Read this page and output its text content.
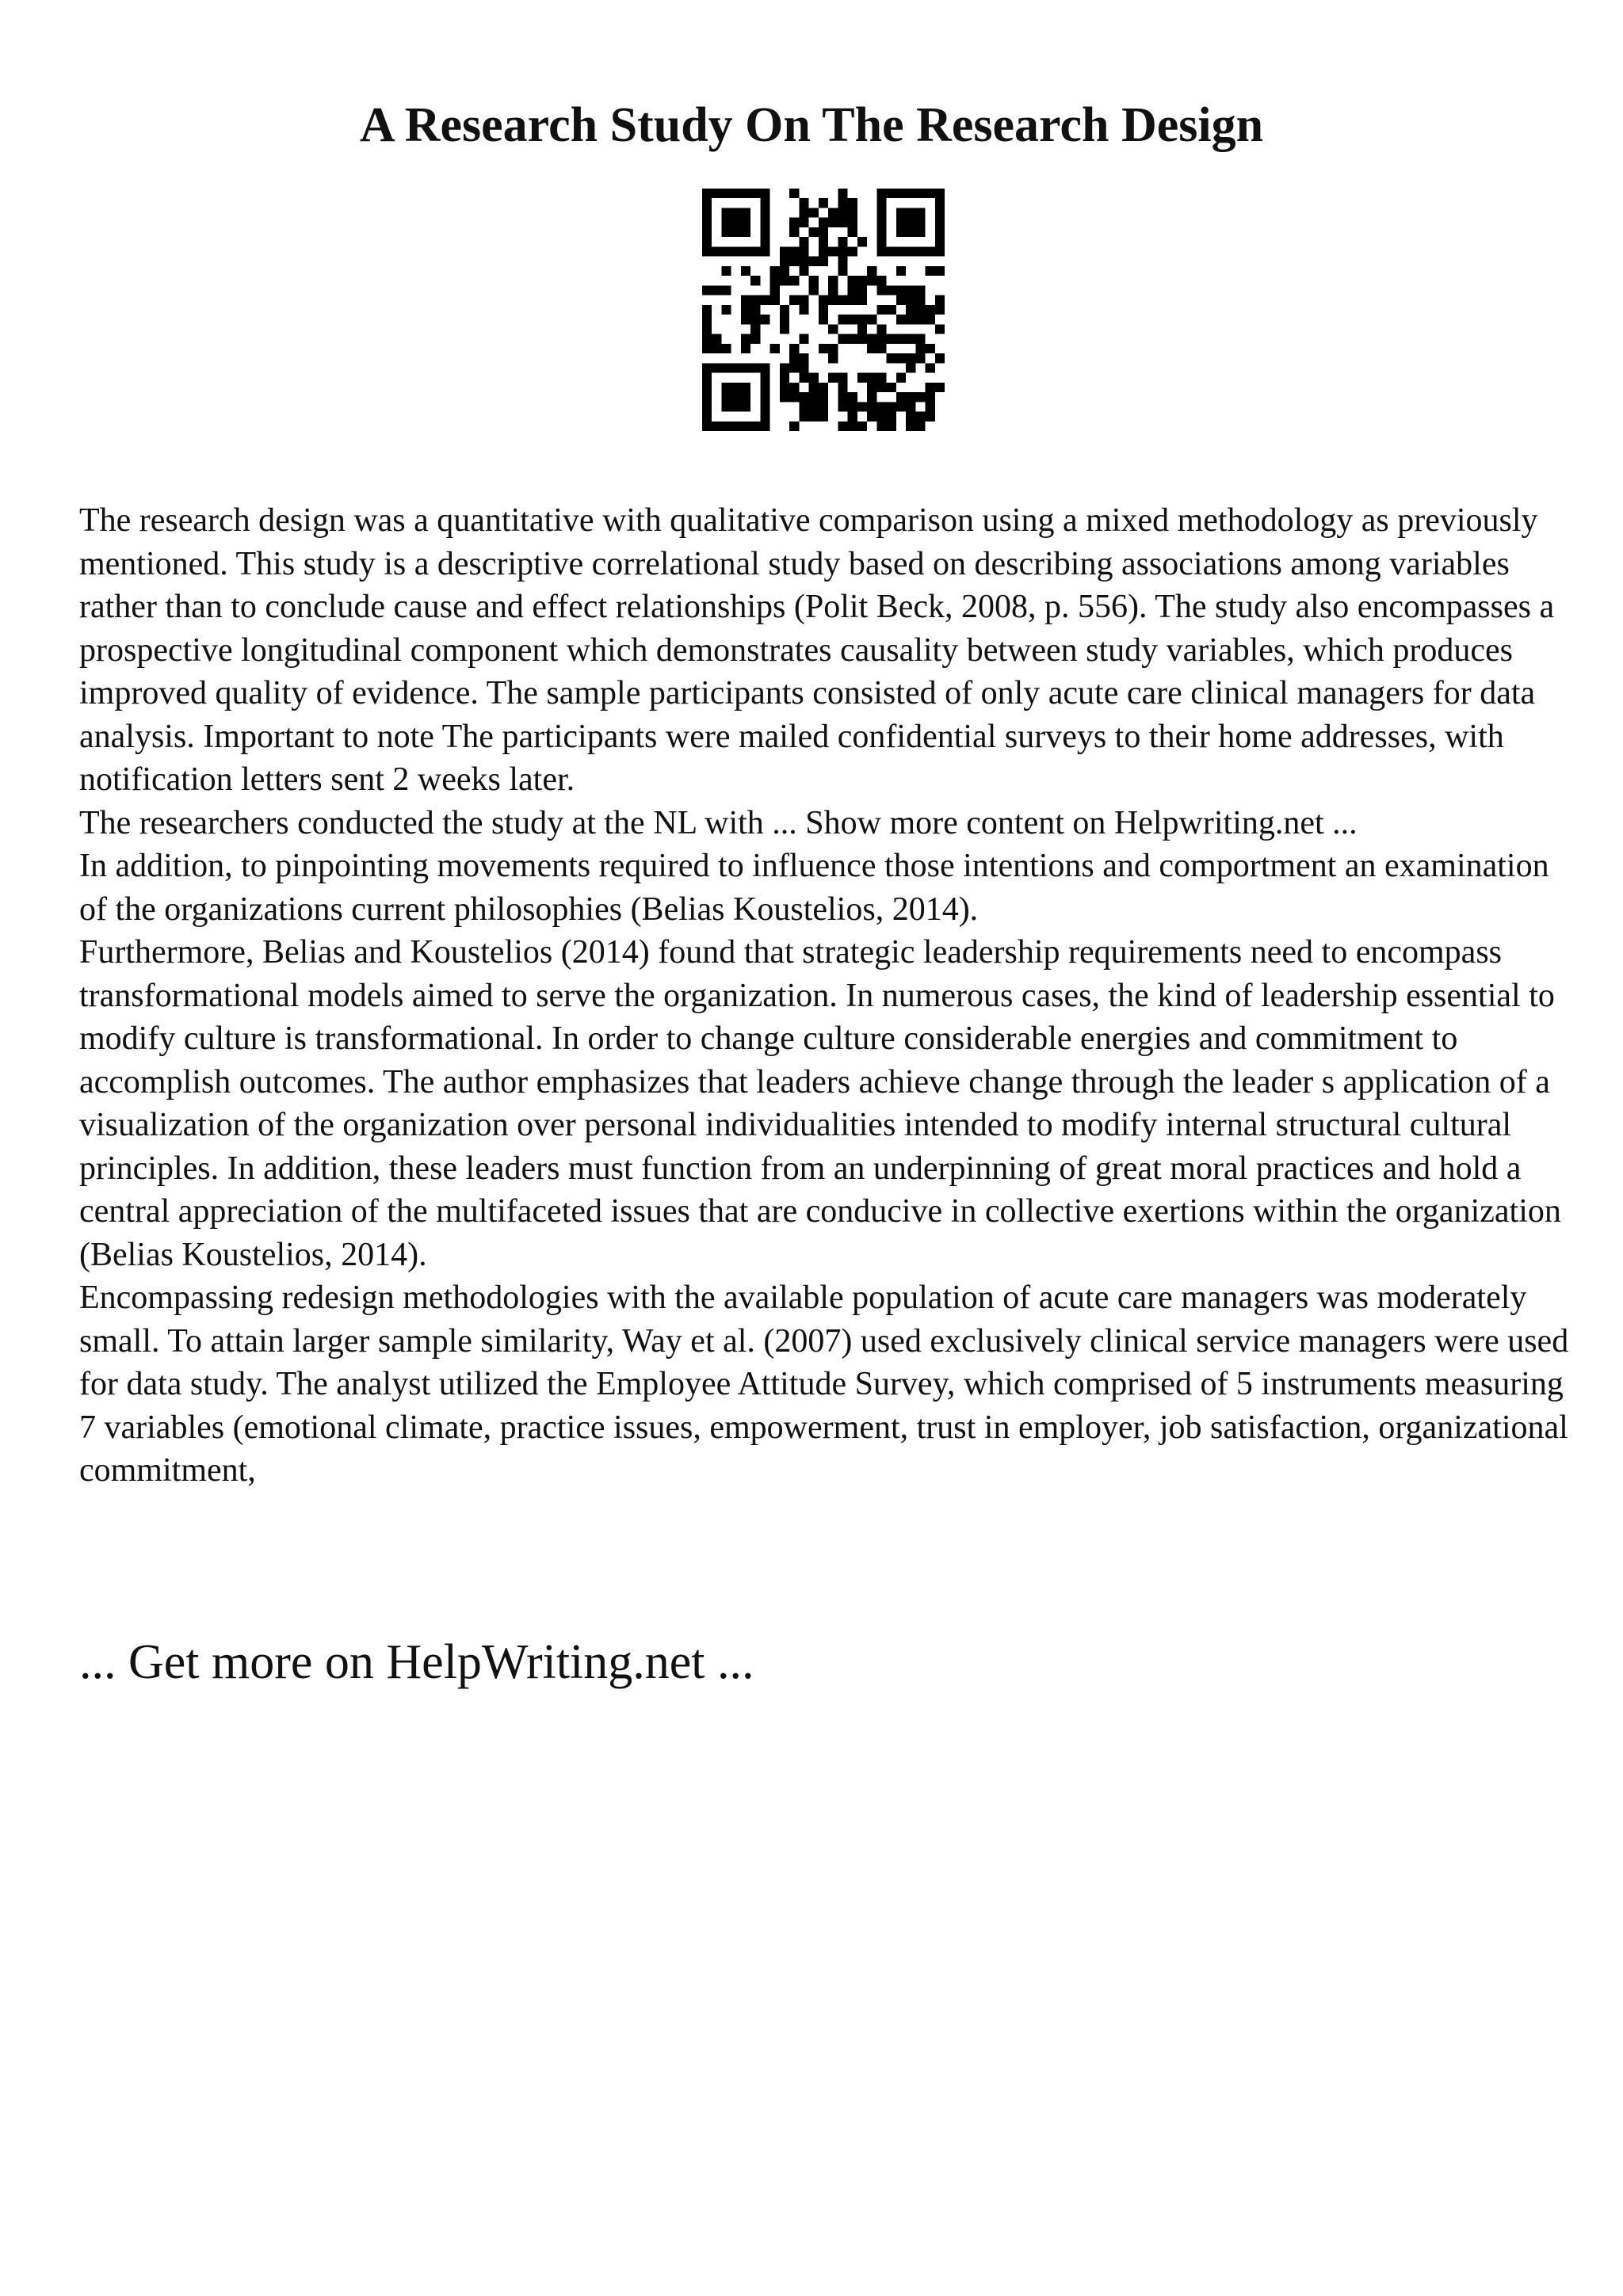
A Research Study On The Research Design

The research design was a quantitative with qualitative comparison using a mixed methodology as previously mentioned. This study is a descriptive correlational study based on describing associations among variables rather than to conclude cause and effect relationships (Polit Beck, 2008, p. 556). The study also encompasses a prospective longitudinal component which demonstrates causality between study variables, which produces improved quality of evidence. The sample participants consisted of only acute care clinical managers for data analysis. Important to note The participants were mailed confidential surveys to their home addresses, with notification letters sent 2 weeks later.

The researchers conducted the study at the NL with ... Show more content on Helpwriting.net ...

In addition, to pinpointing movements required to influence those intentions and comportment an examination of the organizations current philosophies (Belias Koustelios, 2014).

Furthermore, Belias and Koustelios (2014) found that strategic leadership requirements need to encompass transformational models aimed to serve the organization. In numerous cases, the kind of leadership essential to modify culture is transformational. In order to change culture considerable energies and commitment to accomplish outcomes. The author emphasizes that leaders achieve change through the leader s application of a visualization of the organization over personal individualities intended to modify internal structural cultural principles. In addition, these leaders must function from an underpinning of great moral practices and hold a central appreciation of the multifaceted issues that are conducive in collective exertions within the organization (Belias Koustelios, 2014).

Encompassing redesign methodologies with the available population of acute care managers was moderately small. To attain larger sample similarity, Way et al. (2007) used exclusively clinical service managers were used for data study. The analyst utilized the Employee Attitude Survey, which comprised of 5 instruments measuring 7 variables (emotional climate, practice issues, empowerment, trust in employer, job satisfaction, organizational commitment,

... Get more on HelpWriting.net ...
